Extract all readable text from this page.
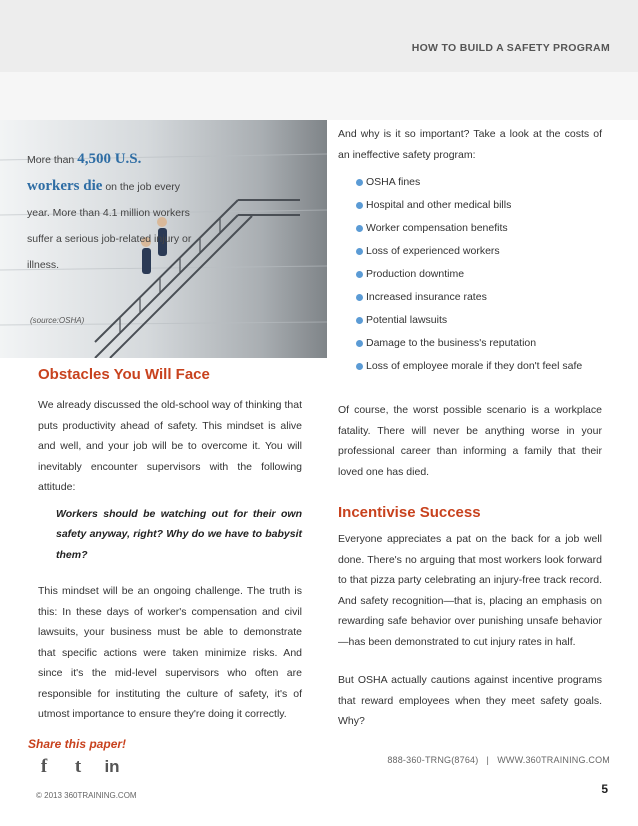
HOW TO BUILD A SAFETY PROGRAM
More than 4,500 U.S.
workers die on the job every year. More than 4.1 million workers suffer a serious job-related injury or illness.
(source:OSHA)
Obstacles You Will Face

We already discussed the old-school way of thinking that puts productivity ahead of safety. This mindset is alive and well, and your job will be to overcome it. You will inevitably encounter supervisors with the following attitude:

Workers should be watching out for their own safety anyway, right? Why do we have to babysit them?

This mindset will be an ongoing challenge. The truth is this: In these days of worker's compensation and civil lawsuits, your business must be able to demonstrate that specific actions were taken minimize risks. And since it's the mid-level supervisors who often are responsible for instituting the culture of safety, it's of utmost importance to ensure they're doing it correctly.

And why is it so important? Take a look at the costs of an ineffective safety program:

OSHA fines
Hospital and other medical bills
Worker compensation benefits
Loss of experienced workers
Production downtime
Increased insurance rates
Potential lawsuits
Damage to the business's reputation
Loss of employee morale if they don't feel safe

Of course, the worst possible scenario is a workplace fatality. There will never be anything worse in your professional career than informing a family that their loved one has died.

Incentivise Success

Everyone appreciates a pat on the back for a job well done. There's no arguing that most workers look forward to that pizza party celebrating an injury-free track record. And safety recognition—that is, placing an emphasis on rewarding safe behavior over punishing unsafe behavior—has been demonstrated to cut injury rates in half.

But OSHA actually cautions against incentive programs that reward employees when they meet safety goals. Why?

Share this paper!
f	t	in
© 2013 360TRAINING.COM
888-360-TRNG(8764)   |   WWW.360TRAINING.COM
5
